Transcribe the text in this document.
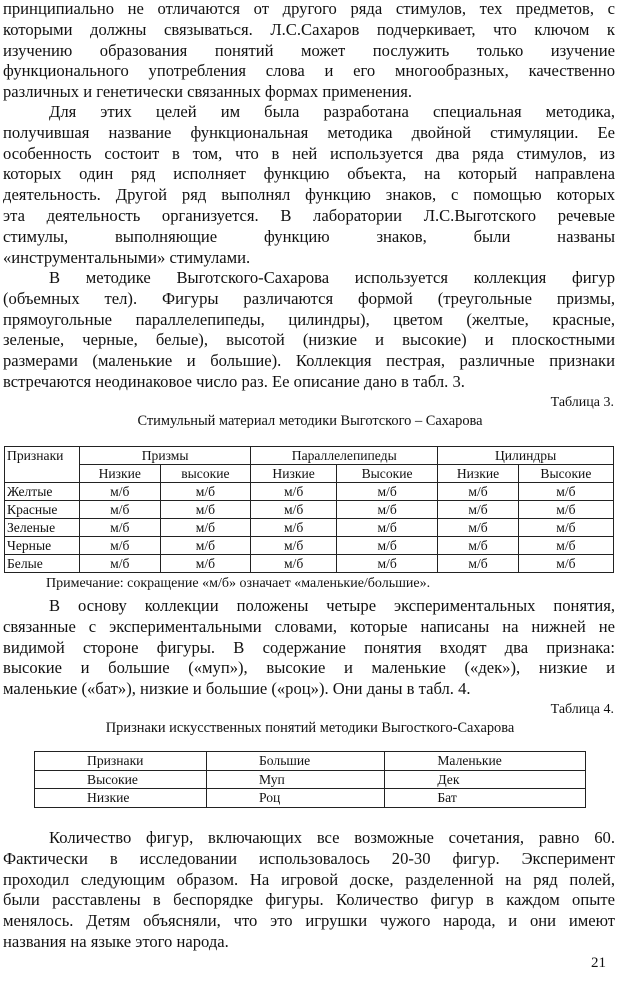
принципиально не отличаются от другого ряда стимулов, тех предметов, с
которыми должны связываться. Л.С.Сахаров подчеркивает, что ключом к
изучению образования понятий может послужить только изучение
функционального употребления слова и его многообразных, качественно
различных и генетически связанных формах применения.
Для этих целей им была разработана специальная методика,
получившая название функциональная методика двойной стимуляции. Ее
особенность состоит в том, что в ней используется два ряда стимулов, из
которых один ряд исполняет функцию объекта, на который направлена
деятельность. Другой ряд выполнял функцию знаков, с помощью которых
эта деятельность организуется. В лаборатории Л.С.Выготского речевые
стимулы, выполняющие функцию знаков, были названы
«инструментальными» стимулами.
В методике Выготского-Сахарова используется коллекция фигур
(объемных тел). Фигуры различаются формой (треугольные призмы,
прямоугольные параллелепипеды, цилиндры), цветом (желтые, красные,
зеленые, черные, белые), высотой (низкие и высокие) и плоскостными
размерами (маленькие и большие). Коллекция пестрая, различные признаки
встречаются неодинаковое число раз. Ее описание дано в табл. 3.

Таблица 3.

Стимульный материал методики Выготского – Сахарова

Признаки	Призмы		Параллелепипеды		Цилиндры	
	Низкие	высокие	Низкие	Высокие	Низкие	Высокие
Желтые	м/б	м/б	м/б	м/б	м/б	м/б
Красные	м/б	м/б	м/б	м/б	м/б	м/б
Зеленые	м/б	м/б	м/б	м/б	м/б	м/б
Черные	м/б	м/б	м/б	м/б	м/б	м/б
Белые	м/б	м/б	м/б	м/б	м/б	м/б

Примечание: сокращение «м/б» означает «маленькие/большие».

В основу коллекции положены четыре экспериментальных понятия,
связанные с экспериментальными словами, которые написаны на нижней не
видимой стороне фигуры. В содержание понятия входят два признака:
высокие и большие («муп»), высокие и маленькие («дек»), низкие и
маленькие («бат»), низкие и большие («роц»). Они даны в табл. 4.

Таблица 4.

Признаки искусственных понятий методики Выгосткого-Сахарова

Признаки	Большие	Маленькие
Высокие	Муп	Дек
Низкие	Роц	Бат
Количество фигур, включающих все возможные сочетания, равно 60.
Фактически в исследовании использовалось 20-30 фигур. Эксперимент
проходил следующим образом. На игровой доске, разделенной на ряд полей,
были расставлены в беспорядке фигуры. Количество фигур в каждом опыте
менялось. Детям объясняли, что это игрушки чужого народа, и они имеют
названия на языке этого народа.

21
